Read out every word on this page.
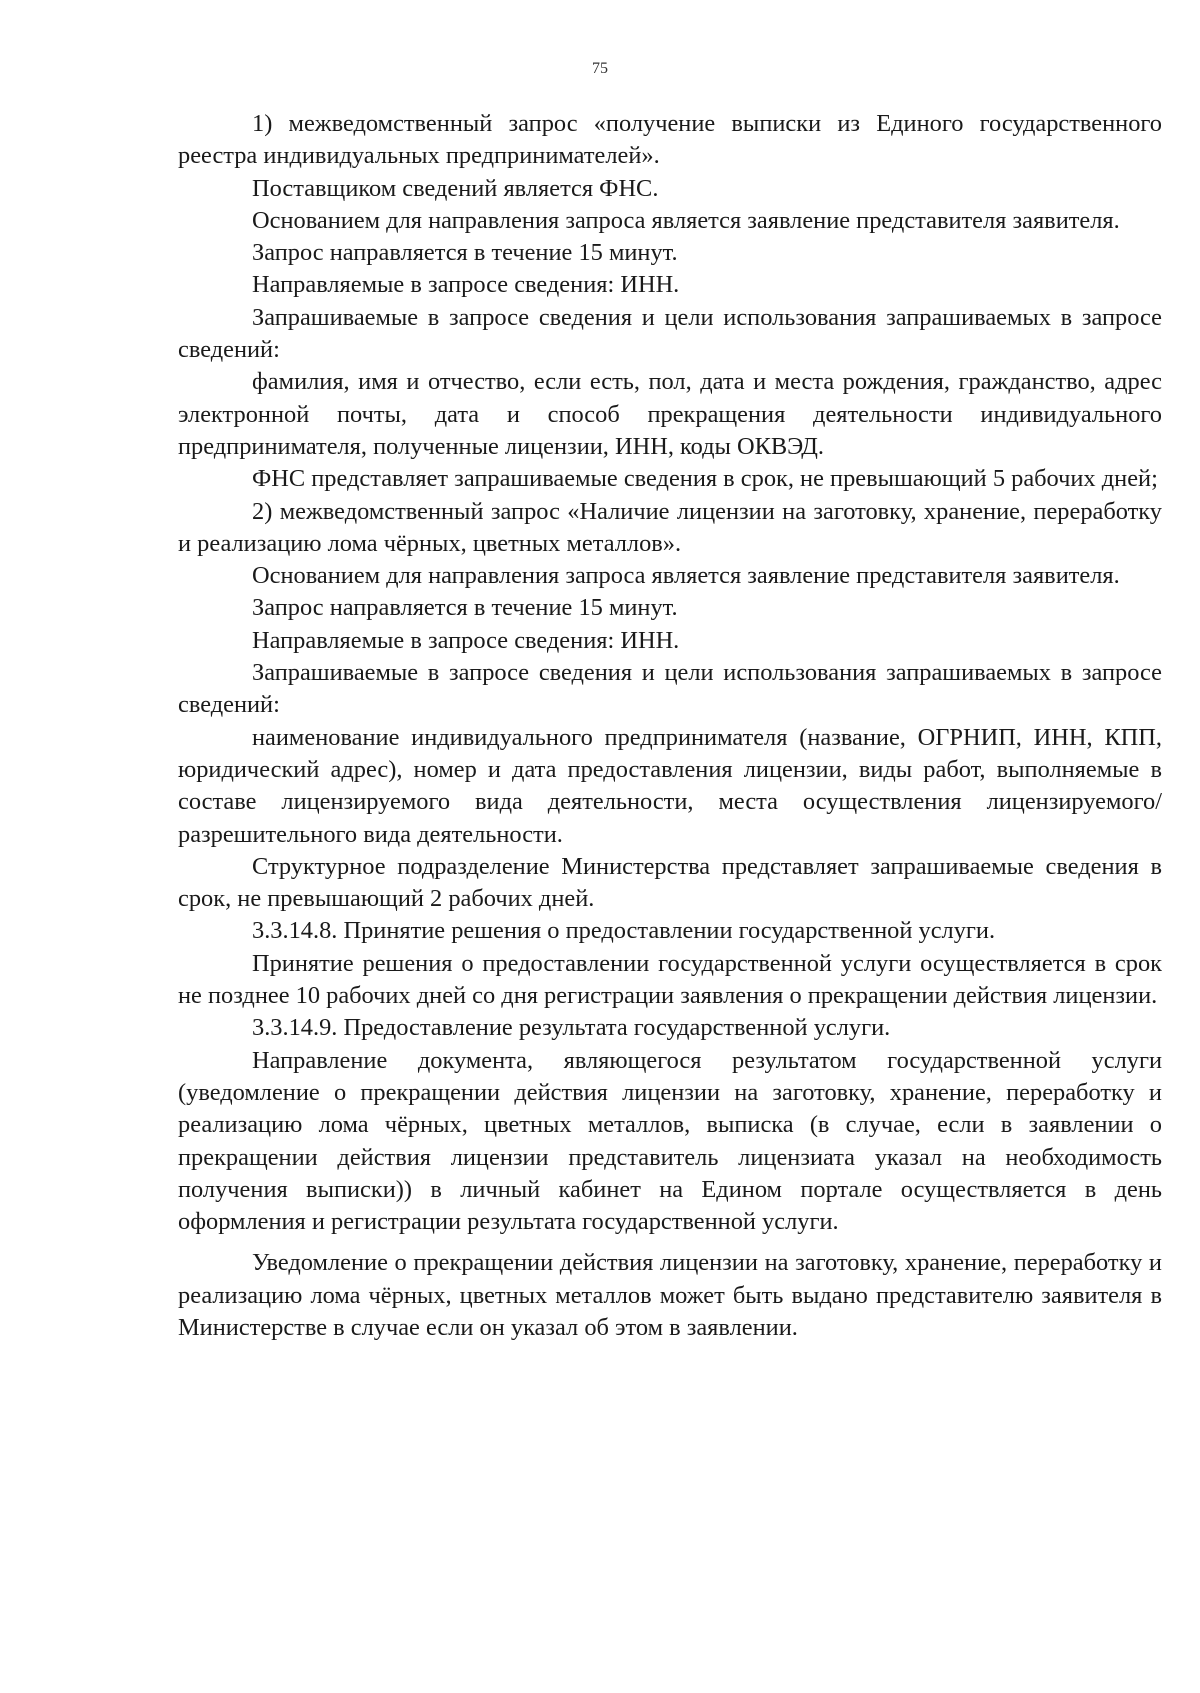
75

1) межведомственный запрос «получение выписки из Единого государственного реестра индивидуальных предпринимателей».

Поставщиком сведений является ФНС.

Основанием для направления запроса является заявление представителя заявителя.

Запрос направляется в течение 15 минут.

Направляемые в запросе сведения: ИНН.

Запрашиваемые в запросе сведения и цели использования запрашиваемых в запросе сведений:

фамилия, имя и отчество, если есть, пол, дата и места рождения, гражданство, адрес электронной почты, дата и способ прекращения деятельности индивидуального предпринимателя, полученные лицензии, ИНН, коды ОКВЭД.

ФНС представляет запрашиваемые сведения в срок, не превышающий 5 рабочих дней;

2) межведомственный запрос «Наличие лицензии на заготовку, хранение, переработку и реализацию лома чёрных, цветных металлов».

Основанием для направления запроса является заявление представителя заявителя.

Запрос направляется в течение 15 минут.

Направляемые в запросе сведения: ИНН.

Запрашиваемые в запросе сведения и цели использования запрашиваемых в запросе сведений:

наименование индивидуального предпринимателя (название, ОГРНИП, ИНН, КПП, юридический адрес), номер и дата предоставления лицензии, виды работ, выполняемые в составе лицензируемого вида деятельности, места осуществления лицензируемого/разрешительного вида деятельности.

Структурное подразделение Министерства представляет запрашиваемые сведения в срок, не превышающий 2 рабочих дней.

3.3.14.8. Принятие решения о предоставлении государственной услуги.

Принятие решения о предоставлении государственной услуги осуществляется в срок не позднее 10 рабочих дней со дня регистрации заявления о прекращении действия лицензии.

3.3.14.9. Предоставление результата государственной услуги.

Направление документа, являющегося результатом государственной услуги (уведомление о прекращении действия лицензии на заготовку, хранение, переработку и реализацию лома чёрных, цветных металлов, выписка (в случае, если в заявлении о прекращении действия лицензии представитель лицензиата указал на необходимость получения выписки)) в личный кабинет на Едином портале осуществляется в день оформления и регистрации результата государственной услуги.

Уведомление о прекращении действия лицензии на заготовку, хранение, переработку и реализацию лома чёрных, цветных металлов может быть выдано представителю заявителя в Министерстве в случае если он указал об этом в заявлении.
